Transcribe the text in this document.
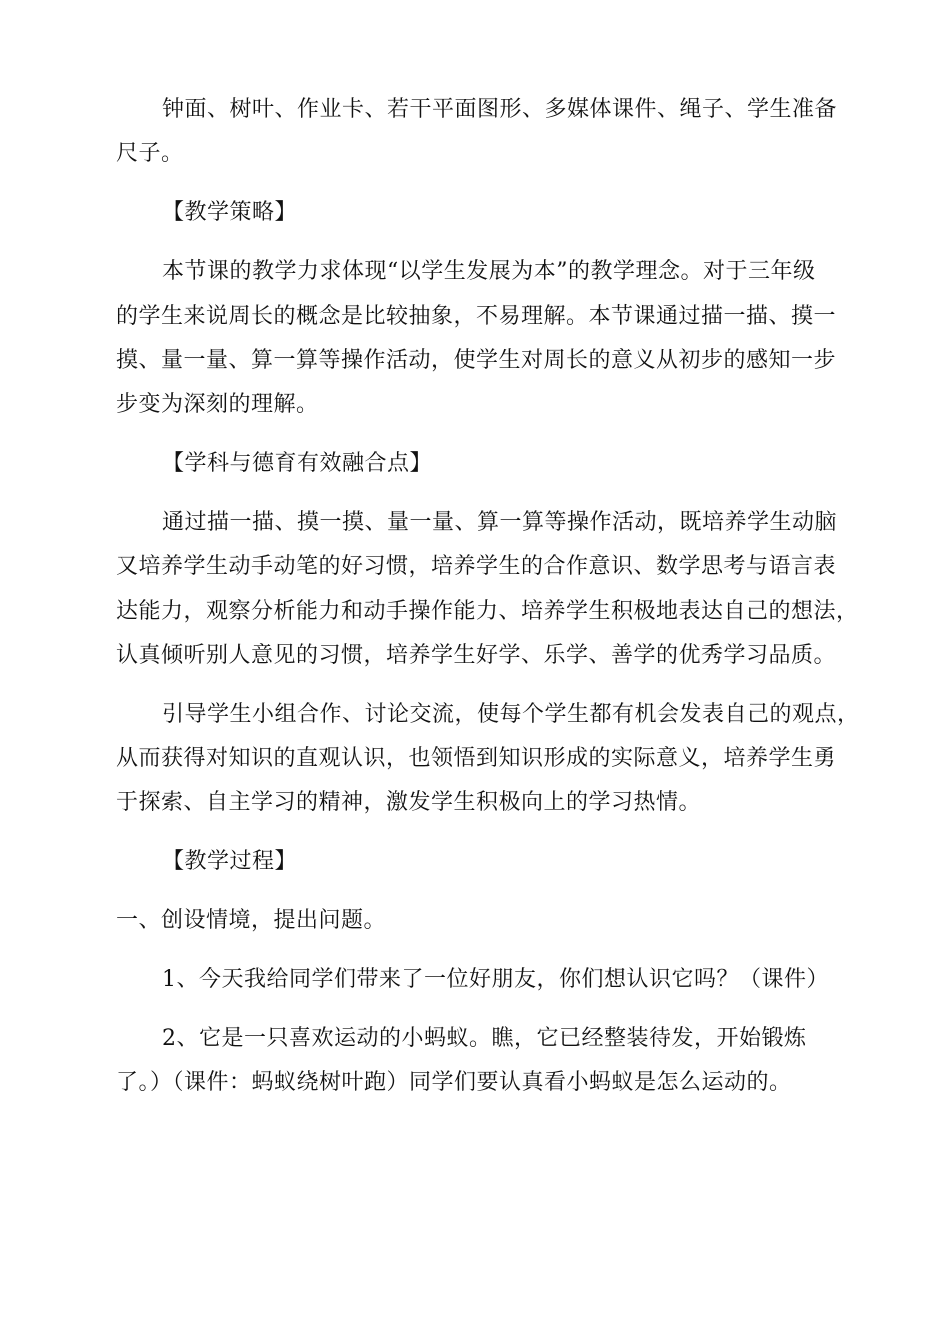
钟面、树叶、作业卡、若干平面图形、多媒体课件、绳子、学生准备
尺子。
【教学策略】
本节课的教学力求体现“以学生发展为本”的教学理念。对于三年级
的学生来说周长的概念是比较抽象，不易理解。本节课通过描一描、摸一
摸、量一量、算一算等操作活动，使学生对周长的意义从初步的感知一步
步变为深刻的理解。
【学科与德育有效融合点】
通过描一描、摸一摸、量一量、算一算等操作活动，既培养学生动脑
又培养学生动手动笔的好习惯，培养学生的合作意识、数学思考与语言表
达能力，观察分析能力和动手操作能力、培养学生积极地表达自己的想法，
认真倾听别人意见的习惯，培养学生好学、乐学、善学的优秀学习品质。
引导学生小组合作、讨论交流，使每个学生都有机会发表自己的观点，
从而获得对知识的直观认识，也领悟到知识形成的实际意义，培养学生勇
于探索、自主学习的精神，激发学生积极向上的学习热情。
【教学过程】
一、创设情境，提出问题。
1、今天我给同学们带来了一位好朋友，你们想认识它吗？（课件）
2、它是一只喜欢运动的小蚂蚁。瞧，它已经整装待发，开始锻炼
了。）（课件：蚂蚁绕树叶跑）同学们要认真看小蚂蚁是怎么运动的。
